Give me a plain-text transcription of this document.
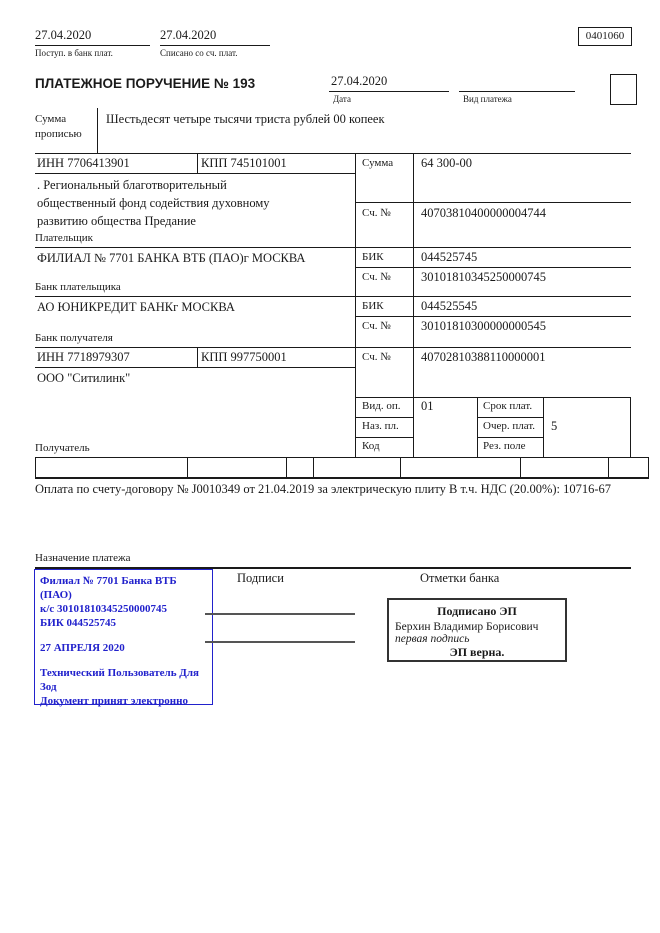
27.04.2020
Поступ. в банк плат.
27.04.2020
Списано со сч. плат.
0401060
ПЛАТЕЖНОЕ ПОРУЧЕНИЕ № 193	27.04.2020
Дата	Вид платежа
Сумма
прописью
Шестьдесят четыре тысячи триста рублей 00 копеек
ИНН 7706413901	КПП 745101001	Сумма 64 300-00
. Региональный благотворительный
общественный фонд содействия духовному
развитию общества Предание
Сч. № 40703810400000004744
Плательщик
ФИЛИАЛ № 7701 БАНКА ВТБ (ПАО)г МОСКВА	БИК	044525745
Сч. № 30101810345250000745
Банк плательщика
АО ЮНИКРЕДИТ БАНКг МОСКВА	БИК	044525545
Сч. № 30101810300000000545
Банк получателя
ИНН 7718979307	КПП 997750001	Сч. № 40702810388110000001
ООО "Ситилинк"
Вид. оп. 01	Срок плат.
Наз. пл.	Очер. плат. 5
Код	Рез. поле
Получатель
Оплата по счету-договору № J0010349 от 21.04.2019 за электрическую плиту В т.ч. НДС (20.00%): 10716-67
Назначение платежа
Филиал № 7701 Банка ВТБ (ПАО)
к/с 30101810345250000745
БИК 044525745
27 АПРЕЛЯ 2020
Технический Пользователь Для Зод
Документ принят электронно
Подписи	Отметки банка
Подписано ЭП
Берхин Владимир Борисович
первая подпись
ЭП верна.
